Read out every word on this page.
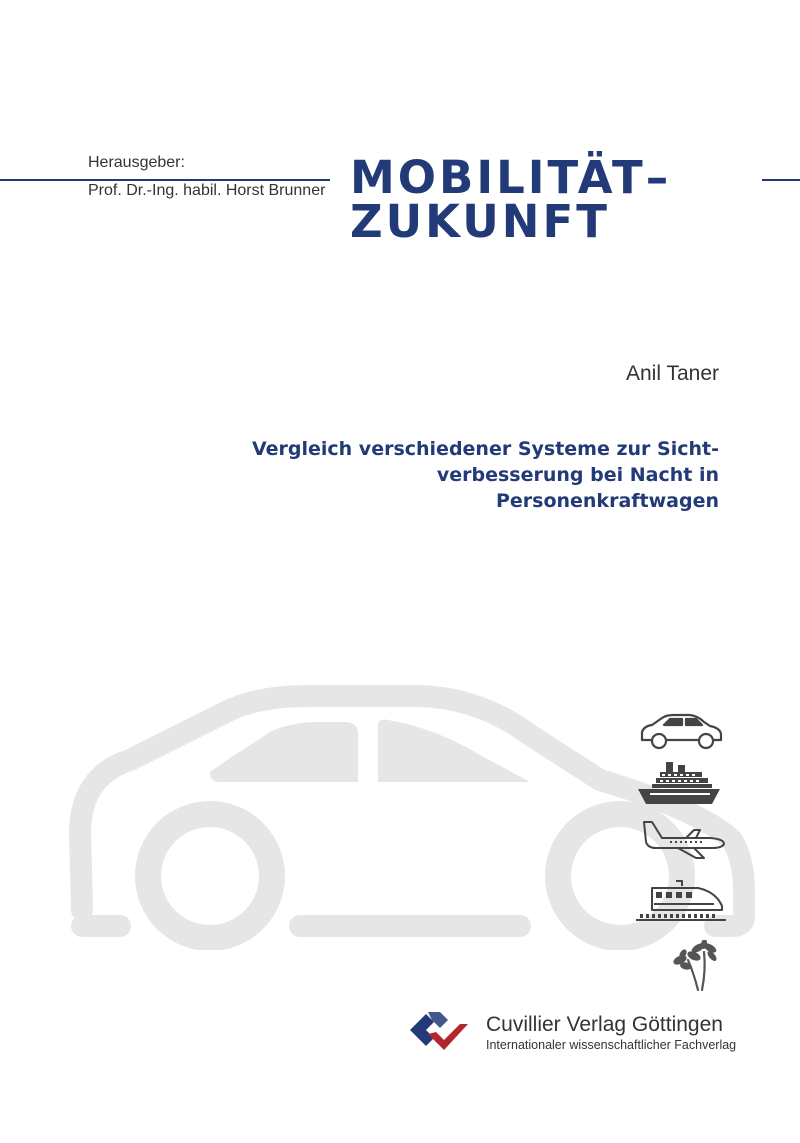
Herausgeber:
Prof. Dr.-Ing. habil. Horst Brunner MOBILITÄT–
ZUKUNFT
Anil Taner
Vergleich verschiedener Systeme zur Sicht-
verbesserung bei Nacht in
Personenkraftwagen
Cuvillier Verlag Göttingen
Internationaler wissenschaftlicher Fachverlag
